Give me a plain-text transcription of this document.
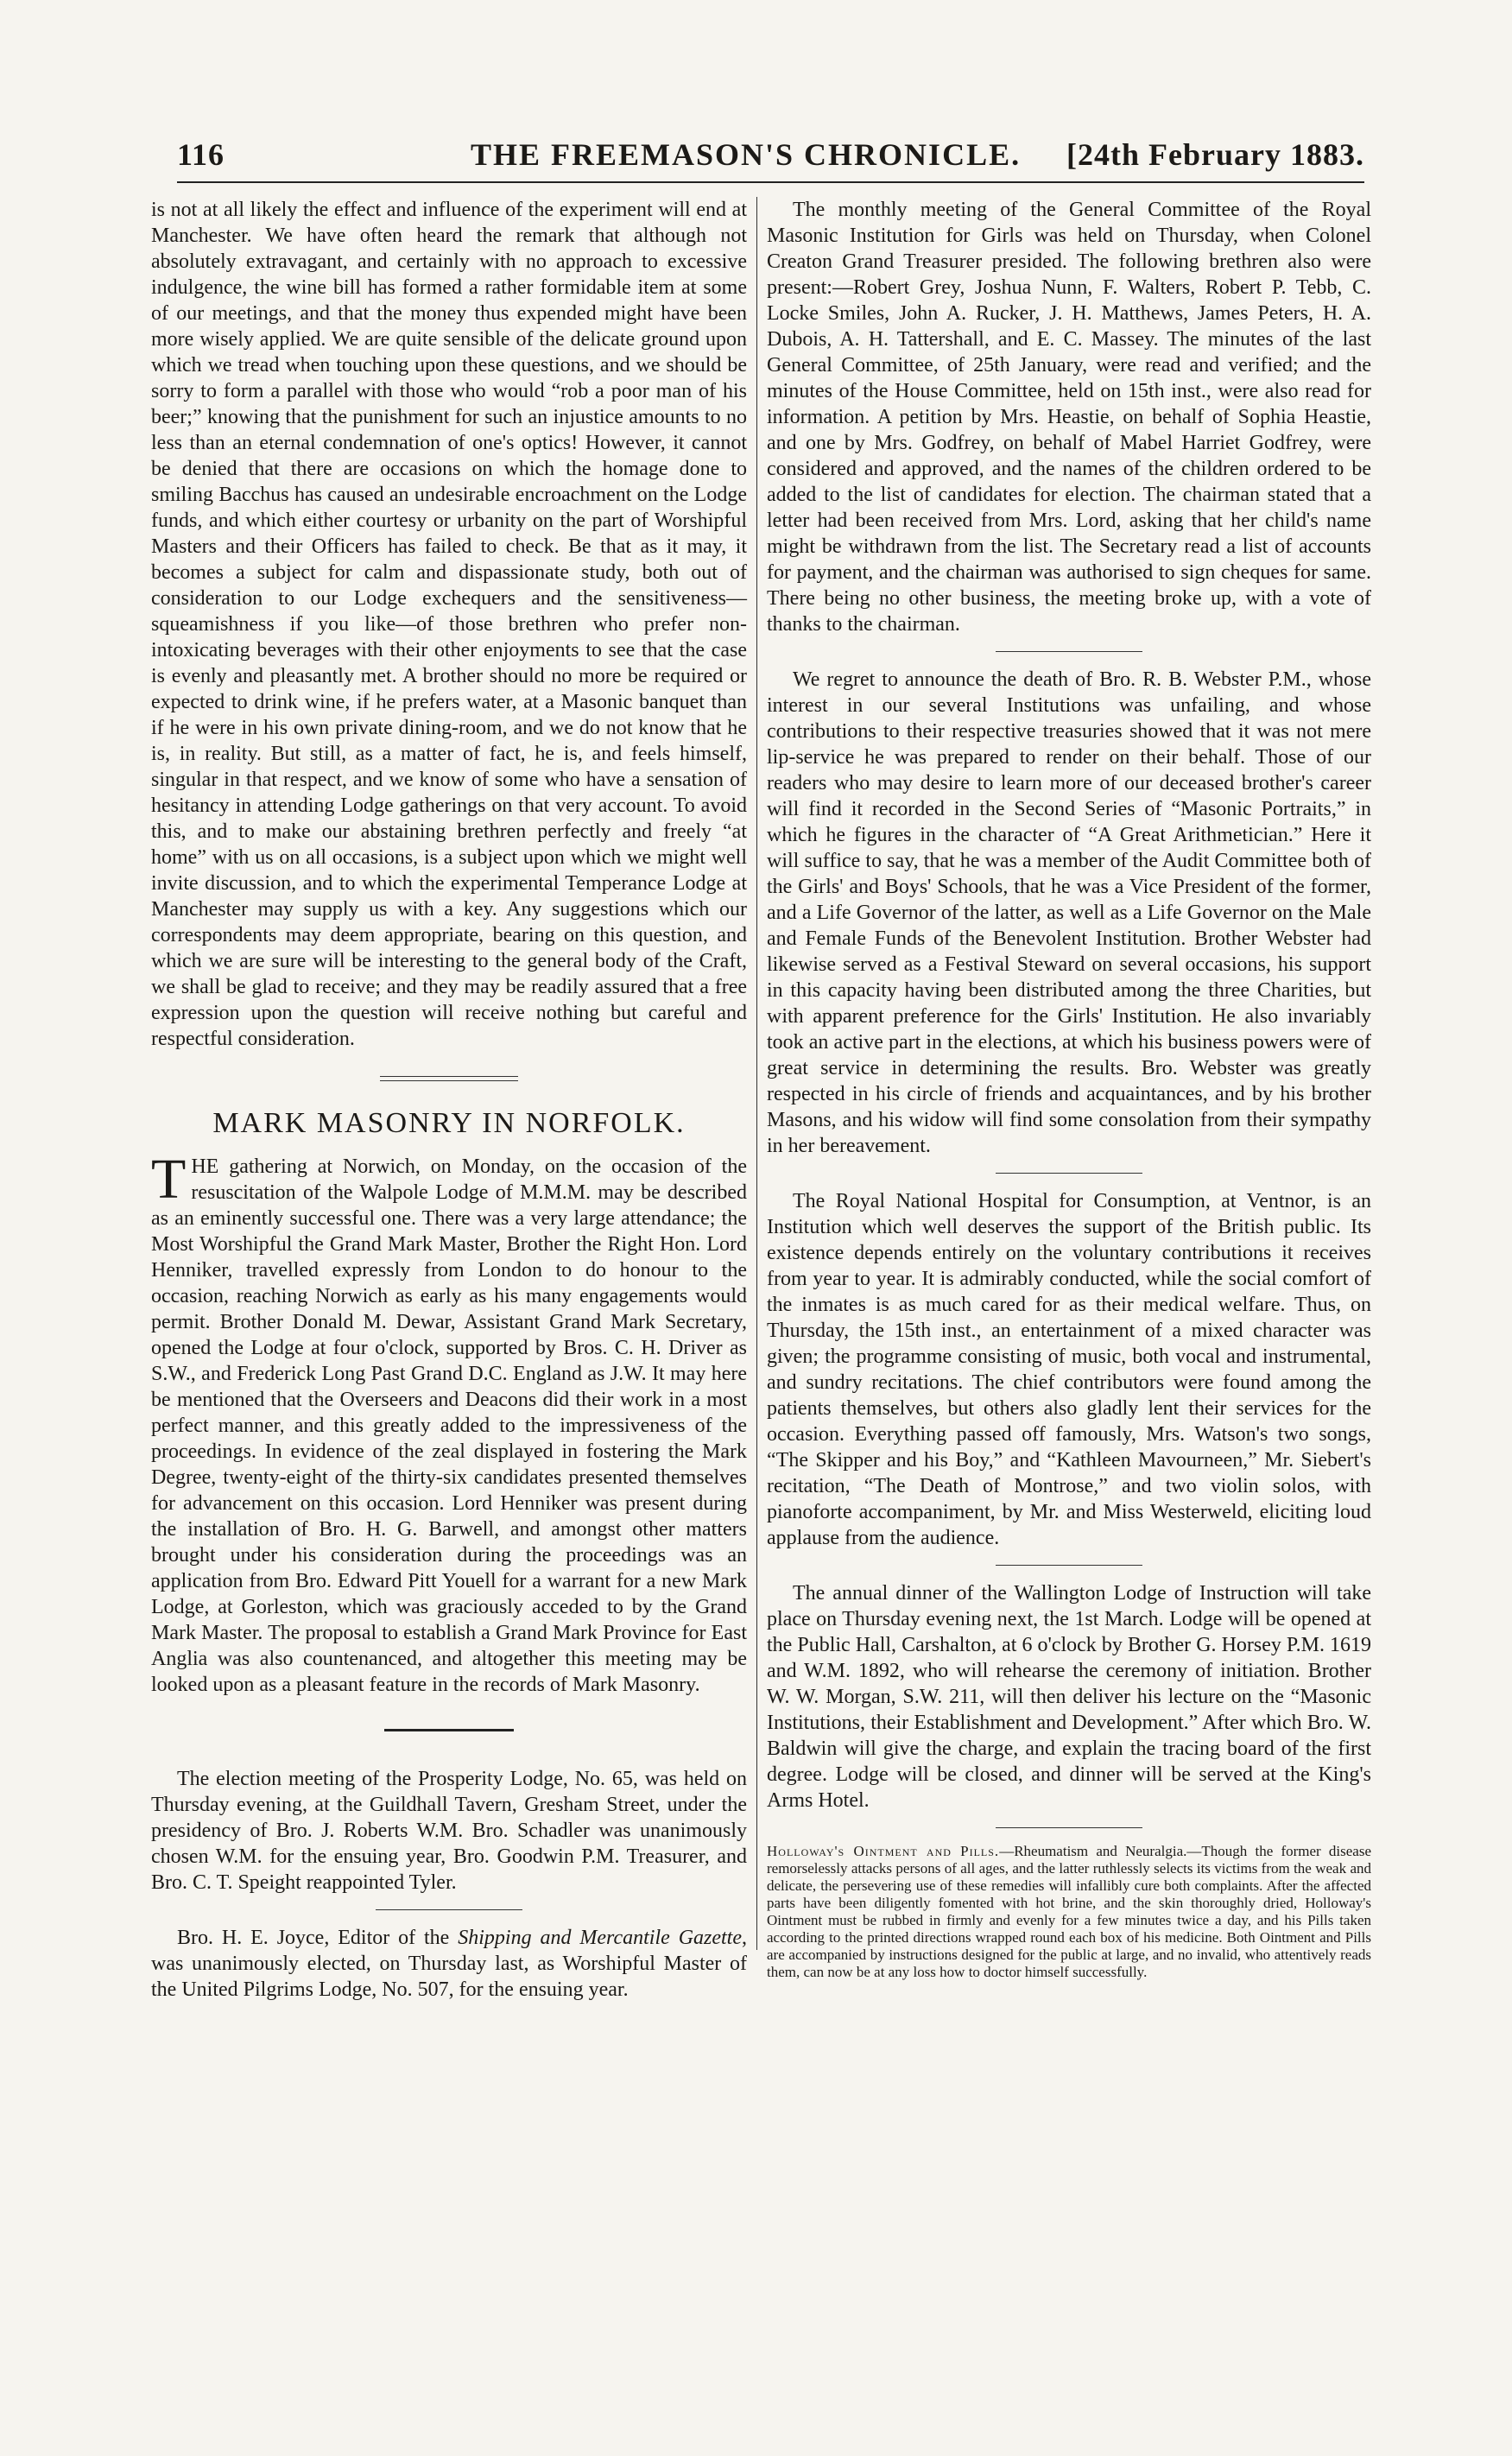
116	THE FREEMASON'S CHRONICLE. [24th February 1883.

is not at all likely the effect and influence of the experiment will end at Manchester. We have often heard the remark that although not absolutely extravagant, and certainly with no approach to excessive indulgence, the wine bill has formed a rather formidable item at some of our meetings, and that the money thus expended might have been more wisely applied. We are quite sensible of the delicate ground upon which we tread when touching upon these questions, and we should be sorry to form a parallel with those who would “rob a poor man of his beer;” knowing that the punishment for such an injustice amounts to no less than an eternal condemnation of one's optics! However, it cannot be denied that there are occasions on which the homage done to smiling Bacchus has caused an undesirable encroachment on the Lodge funds, and which either courtesy or urbanity on the part of Worshipful Masters and their Officers has failed to check. Be that as it may, it becomes a subject for calm and dispassionate study, both out of consideration to our Lodge exchequers and the sensitiveness—squeamishness if you like—of those brethren who prefer non-intoxicating beverages with their other enjoyments to see that the case is evenly and pleasantly met. A brother should no more be required or expected to drink wine, if he prefers water, at a Masonic banquet than if he were in his own private dining-room, and we do not know that he is, in reality. But still, as a matter of fact, he is, and feels himself, singular in that respect, and we know of some who have a sensation of hesitancy in attending Lodge gatherings on that very account. To avoid this, and to make our abstaining brethren perfectly and freely “at home” with us on all occasions, is a subject upon which we might well invite discussion, and to which the experimental Temperance Lodge at Manchester may supply us with a key. Any suggestions which our correspondents may deem appropriate, bearing on this question, and which we are sure will be interesting to the general body of the Craft, we shall be glad to receive; and they may be readily assured that a free expression upon the question will receive nothing but careful and respectful consideration.

MARK MASONRY IN NORFOLK.

THE gathering at Norwich, on Monday, on the occasion of the resuscitation of the Walpole Lodge of M.M.M. may be described as an eminently successful one. There was a very large attendance; the Most Worshipful the Grand Mark Master, Brother the Right Hon. Lord Henniker, travelled expressly from London to do honour to the occasion, reaching Norwich as early as his many engagements would permit. Brother Donald M. Dewar, Assistant Grand Mark Secretary, opened the Lodge at four o'clock, supported by Bros. C. H. Driver as S.W., and Frederick Long Past Grand D.C. England as J.W. It may here be mentioned that the Overseers and Deacons did their work in a most perfect manner, and this greatly added to the impressiveness of the proceedings. In evidence of the zeal displayed in fostering the Mark Degree, twenty-eight of the thirty-six candidates presented themselves for advancement on this occasion. Lord Henniker was present during the installation of Bro. H. G. Barwell, and amongst other matters brought under his consideration during the proceedings was an application from Bro. Edward Pitt Youell for a warrant for a new Mark Lodge, at Gorleston, which was graciously acceded to by the Grand Mark Master. The proposal to establish a Grand Mark Province for East Anglia was also countenanced, and altogether this meeting may be looked upon as a pleasant feature in the records of Mark Masonry.

The election meeting of the Prosperity Lodge, No. 65, was held on Thursday evening, at the Guildhall Tavern, Gresham Street, under the presidency of Bro. J. Roberts W.M. Bro. Schadler was unanimously chosen W.M. for the ensuing year, Bro. Goodwin P.M. Treasurer, and Bro. C. T. Speight reappointed Tyler.

Bro. H. E. Joyce, Editor of the Shipping and Mercantile Gazette, was unanimously elected, on Thursday last, as Worshipful Master of the United Pilgrims Lodge, No. 507, for the ensuing year.

The monthly meeting of the General Committee of the Royal Masonic Institution for Girls was held on Thursday, when Colonel Creaton Grand Treasurer presided. The following brethren also were present:—Robert Grey, Joshua Nunn, F. Walters, Robert P. Tebb, C. Locke Smiles, John A. Rucker, J. H. Matthews, James Peters, H. A. Dubois, A. H. Tattershall, and E. C. Massey. The minutes of the last General Committee, of 25th January, were read and verified; and the minutes of the House Committee, held on 15th inst., were also read for information. A petition by Mrs. Heastie, on behalf of Sophia Heastie, and one by Mrs. Godfrey, on behalf of Mabel Harriet Godfrey, were considered and approved, and the names of the children ordered to be added to the list of candidates for election. The chairman stated that a letter had been received from Mrs. Lord, asking that her child's name might be withdrawn from the list. The Secretary read a list of accounts for payment, and the chairman was authorised to sign cheques for same. There being no other business, the meeting broke up, with a vote of thanks to the chairman.

We regret to announce the death of Bro. R. B. Webster P.M., whose interest in our several Institutions was unfailing, and whose contributions to their respective treasuries showed that it was not mere lip-service he was prepared to render on their behalf. Those of our readers who may desire to learn more of our deceased brother's career will find it recorded in the Second Series of “Masonic Portraits,” in which he figures in the character of “A Great Arithmetician.” Here it will suffice to say, that he was a member of the Audit Committee both of the Girls' and Boys' Schools, that he was a Vice President of the former, and a Life Governor of the latter, as well as a Life Governor on the Male and Female Funds of the Benevolent Institution. Brother Webster had likewise served as a Festival Steward on several occasions, his support in this capacity having been distributed among the three Charities, but with apparent preference for the Girls' Institution. He also invariably took an active part in the elections, at which his business powers were of great service in determining the results. Bro. Webster was greatly respected in his circle of friends and acquaintances, and by his brother Masons, and his widow will find some consolation from their sympathy in her bereavement.

The Royal National Hospital for Consumption, at Ventnor, is an Institution which well deserves the support of the British public. Its existence depends entirely on the voluntary contributions it receives from year to year. It is admirably conducted, while the social comfort of the inmates is as much cared for as their medical welfare. Thus, on Thursday, the 15th inst., an entertainment of a mixed character was given; the programme consisting of music, both vocal and instrumental, and sundry recitations. The chief contributors were found among the patients themselves, but others also gladly lent their services for the occasion. Everything passed off famously, Mrs. Watson's two songs, “The Skipper and his Boy,” and “Kathleen Mavourneen,” Mr. Siebert's recitation, “The Death of Montrose,” and two violin solos, with pianoforte accompaniment, by Mr. and Miss Westerweld, eliciting loud applause from the audience.

The annual dinner of the Wallington Lodge of Instruction will take place on Thursday evening next, the 1st March. Lodge will be opened at the Public Hall, Carshalton, at 6 o'clock by Brother G. Horsey P.M. 1619 and W.M. 1892, who will rehearse the ceremony of initiation. Brother W. W. Morgan, S.W. 211, will then deliver his lecture on the “Masonic Institutions, their Establishment and Development.” After which Bro. W. Baldwin will give the charge, and explain the tracing board of the first degree. Lodge will be closed, and dinner will be served at the King's Arms Hotel.

Holloway's Ointment and Pills.—Rheumatism and Neuralgia.—Though the former disease remorselessly attacks persons of all ages, and the latter ruthlessly selects its victims from the weak and delicate, the persevering use of these remedies will infallibly cure both complaints. After the affected parts have been diligently fomented with hot brine, and the skin thoroughly dried, Holloway's Ointment must be rubbed in firmly and evenly for a few minutes twice a day, and his Pills taken according to the printed directions wrapped round each box of his medicine. Both Ointment and Pills are accompanied by instructions designed for the public at large, and no invalid, who attentively reads them, can now be at any loss how to doctor himself successfully.
